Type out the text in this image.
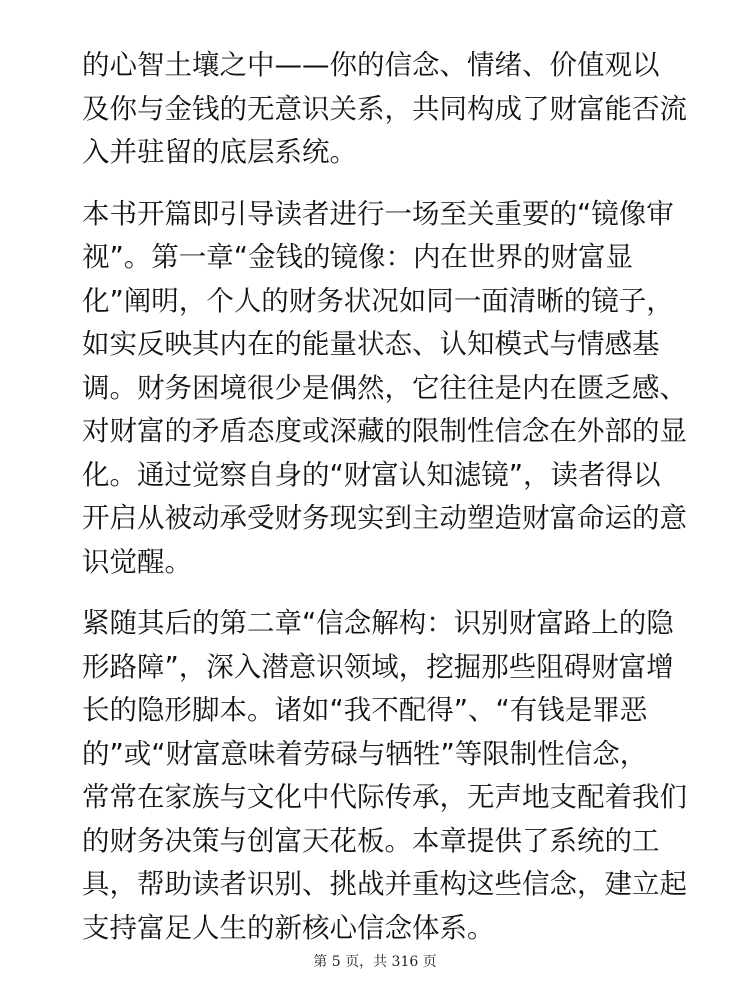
的心智土壤之中——你的信念、情绪、价值观以
及你与金钱的无意识关系，共同构成了财富能否流
入并驻留的底层系统。

本书开篇即引导读者进行一场至关重要的“镜像审
视”。第一章“金钱的镜像：内在世界的财富显
化”阐明，个人的财务状况如同一面清晰的镜子，
如实反映其内在的能量状态、认知模式与情感基
调。财务困境很少是偶然，它往往是内在匮乏感、
对财富的矛盾态度或深藏的限制性信念在外部的显
化。通过觉察自身的“财富认知滤镜”，读者得以
开启从被动承受财务现实到主动塑造财富命运的意
识觉醒。

紧随其后的第二章“信念解构：识别财富路上的隐
形路障”，深入潜意识领域，挖掘那些阻碍财富增
长的隐形脚本。诸如“我不配得”、“有钱是罪恶
的”或“财富意味着劳碌与牺牲”等限制性信念，
常常在家族与文化中代际传承，无声地支配着我们
的财务决策与创富天花板。本章提供了系统的工
具，帮助读者识别、挑战并重构这些信念，建立起
支持富足人生的新核心信念体系。

第 5 页，共 316 页
